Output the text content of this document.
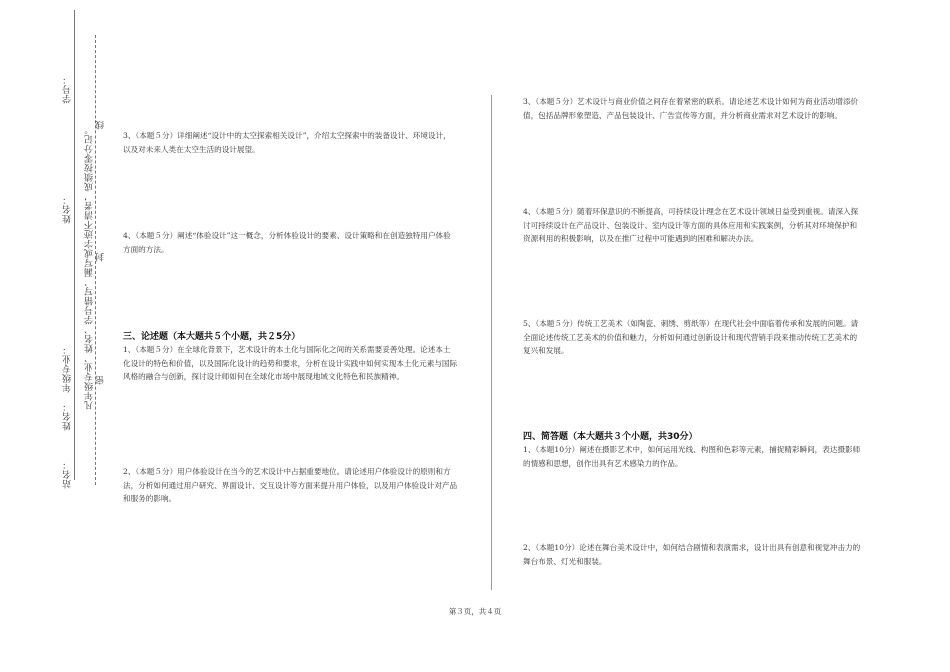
学号：
线
封
密
姓名：
姓名：　年级专业： 凡年级专业、姓名、学号错写、漏写或字迹不清者，成绩按零分记。
站名：
3、（本题５分）详细阐述“设计中的太空探索相关设计”，介绍太空探索中的装备设计、环境设计，以及对未来人类在太空生活的设计展望。
4、（本题５分）阐述“体验设计”这一概念，分析体验设计的要素、设计策略和在创造独特用户体验方面的方法。
三、论述题（本大题共５个小题，共２5分）
1、（本题５分）在全球化背景下，艺术设计的本土化与国际化之间的关系需要妥善处理。论述本土化设计的特色和价值，以及国际化设计的趋势和要求，分析在设计实践中如何实现本土化元素与国际风格的融合与创新，探讨设计师如何在全球化市场中展现地域文化特色和民族精神。
2、（本题５分）用户体验设计在当今的艺术设计中占据重要地位。请论述用户体验设计的原则和方法，分析如何通过用户研究、界面设计、交互设计等方面来提升用户体验，以及用户体验设计对产品和服务的影响。
3、（本题５分）艺术设计与商业价值之间存在着紧密的联系。请论述艺术设计如何为商业活动增添价值，包括品牌形象塑造、产品包装设计、广告宣传等方面，并分析商业需求对艺术设计的影响。
4、（本题５分）随着环保意识的不断提高，可持续设计理念在艺术设计领域日益受到重视。请深入探讨可持续设计在产品设计、包装设计、室内设计等方面的具体应用和实践案例，分析其对环境保护和资源利用的积极影响，以及在推广过程中可能遇到的困难和解决办法。
5、（本题５分）传统工艺美术（如陶瓷、刺绣、剪纸等）在现代社会中面临着传承和发展的问题。请全面论述传统工艺美术的价值和魅力，分析如何通过创新设计和现代营销手段来推动传统工艺美术的复兴和发展。
四、简答题（本大题共３个小题，共30分）
1、（本题10分）阐述在摄影艺术中，如何运用光线、构图和色彩等元素，捕捉精彩瞬间，表达摄影师的情感和思想，创作出具有艺术感染力的作品。
2、（本题10分）论述在舞台美术设计中，如何结合剧情和表演需求，设计出具有创意和视觉冲击力的舞台布景、灯光和服装。
第３页，共４页
